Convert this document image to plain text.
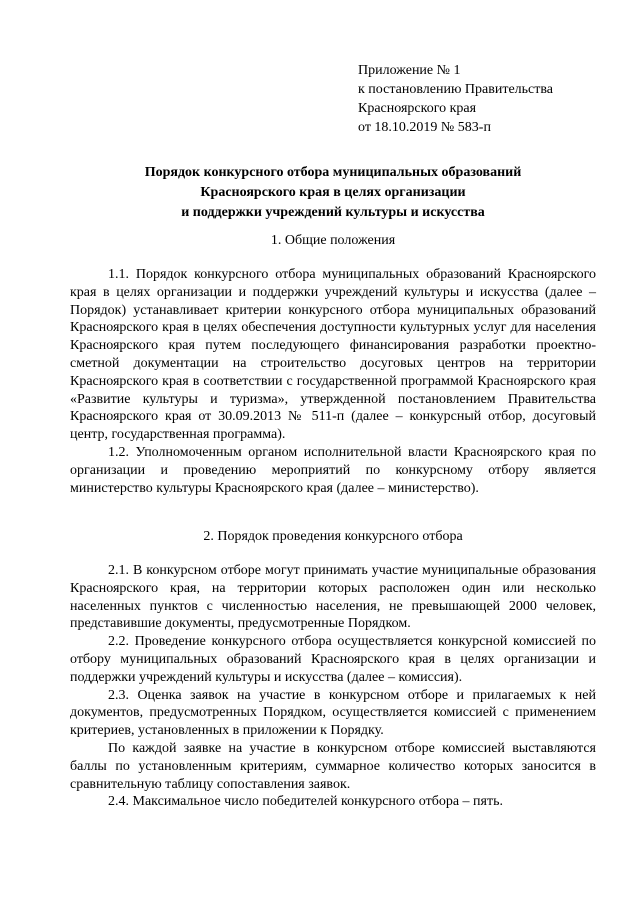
Приложение № 1
к постановлению Правительства
Красноярского края
от 18.10.2019 № 583-п
Порядок конкурсного отбора муниципальных образований
Красноярского края в целях организации
и поддержки учреждений культуры и искусства
1. Общие положения

1.1. Порядок конкурсного отбора муниципальных образований Красноярского края в целях организации и поддержки учреждений культуры и искусства (далее – Порядок) устанавливает критерии конкурсного отбора муниципальных образований Красноярского края в целях обеспечения доступности культурных услуг для населения Красноярского края путем последующего финансирования разработки проектно-сметной документации на строительство досуговых центров на территории Красноярского края в соответствии с государственной программой Красноярского края «Развитие культуры и туризма», утвержденной постановлением Правительства Красноярского края от 30.09.2013 № 511-п (далее – конкурсный отбор, досуговый центр, государственная программа).

1.2. Уполномоченным органом исполнительной власти Красноярского края по организации и проведению мероприятий по конкурсному отбору является министерство культуры Красноярского края (далее – министерство).

2. Порядок проведения конкурсного отбора

2.1. В конкурсном отборе могут принимать участие муниципальные образования Красноярского края, на территории которых расположен один или несколько населенных пунктов с численностью населения, не превышающей 2000 человек, представившие документы, предусмотренные Порядком.

2.2. Проведение конкурсного отбора осуществляется конкурсной комиссией по отбору муниципальных образований Красноярского края в целях организации и поддержки учреждений культуры и искусства (далее – комиссия).

2.3. Оценка заявок на участие в конкурсном отборе и прилагаемых к ней документов, предусмотренных Порядком, осуществляется комиссией с применением критериев, установленных в приложении к Порядку.

По каждой заявке на участие в конкурсном отборе комиссией выставляются баллы по установленным критериям, суммарное количество которых заносится в сравнительную таблицу сопоставления заявок.

2.4. Максимальное число победителей конкурсного отбора – пять.
